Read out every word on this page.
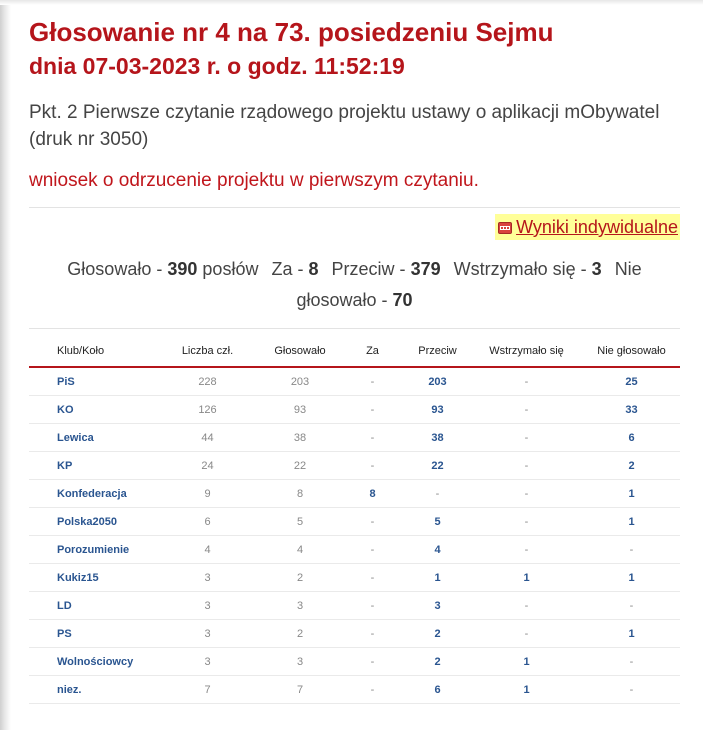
Głosowanie nr 4 na 73. posiedzeniu Sejmu
dnia 07-03-2023 r. o godz. 11:52:19
Pkt. 2 Pierwsze czytanie rządowego projektu ustawy o aplikacji mObywatel (druk nr 3050)
wniosek o odrzucenie projektu w pierwszym czytaniu.
Wyniki indywidualne
Głosowało - 390 posłów Za - 8 Przeciw - 379 Wstrzymało się - 3 Nie głosowało - 70
Klub/Koło	Liczba czł.	Głosowało	Za	Przeciw	Wstrzymało się	Nie głosowało
PiS	228	203	-	203	-	25
KO	126	93	-	93	-	33
Lewica	44	38	-	38	-	6
KP	24	22	-	22	-	2
Konfederacja	9	8	8	-	-	1
Polska2050	6	5	-	5	-	1
Porozumienie	4	4	-	4	-	-
Kukiz15	3	2	-	1	1	1
LD	3	3	-	3	-	-
PS	3	2	-	2	-	1
Wolnościowcy	3	3	-	2	1	-
niez.	7	7	-	6	1	-
